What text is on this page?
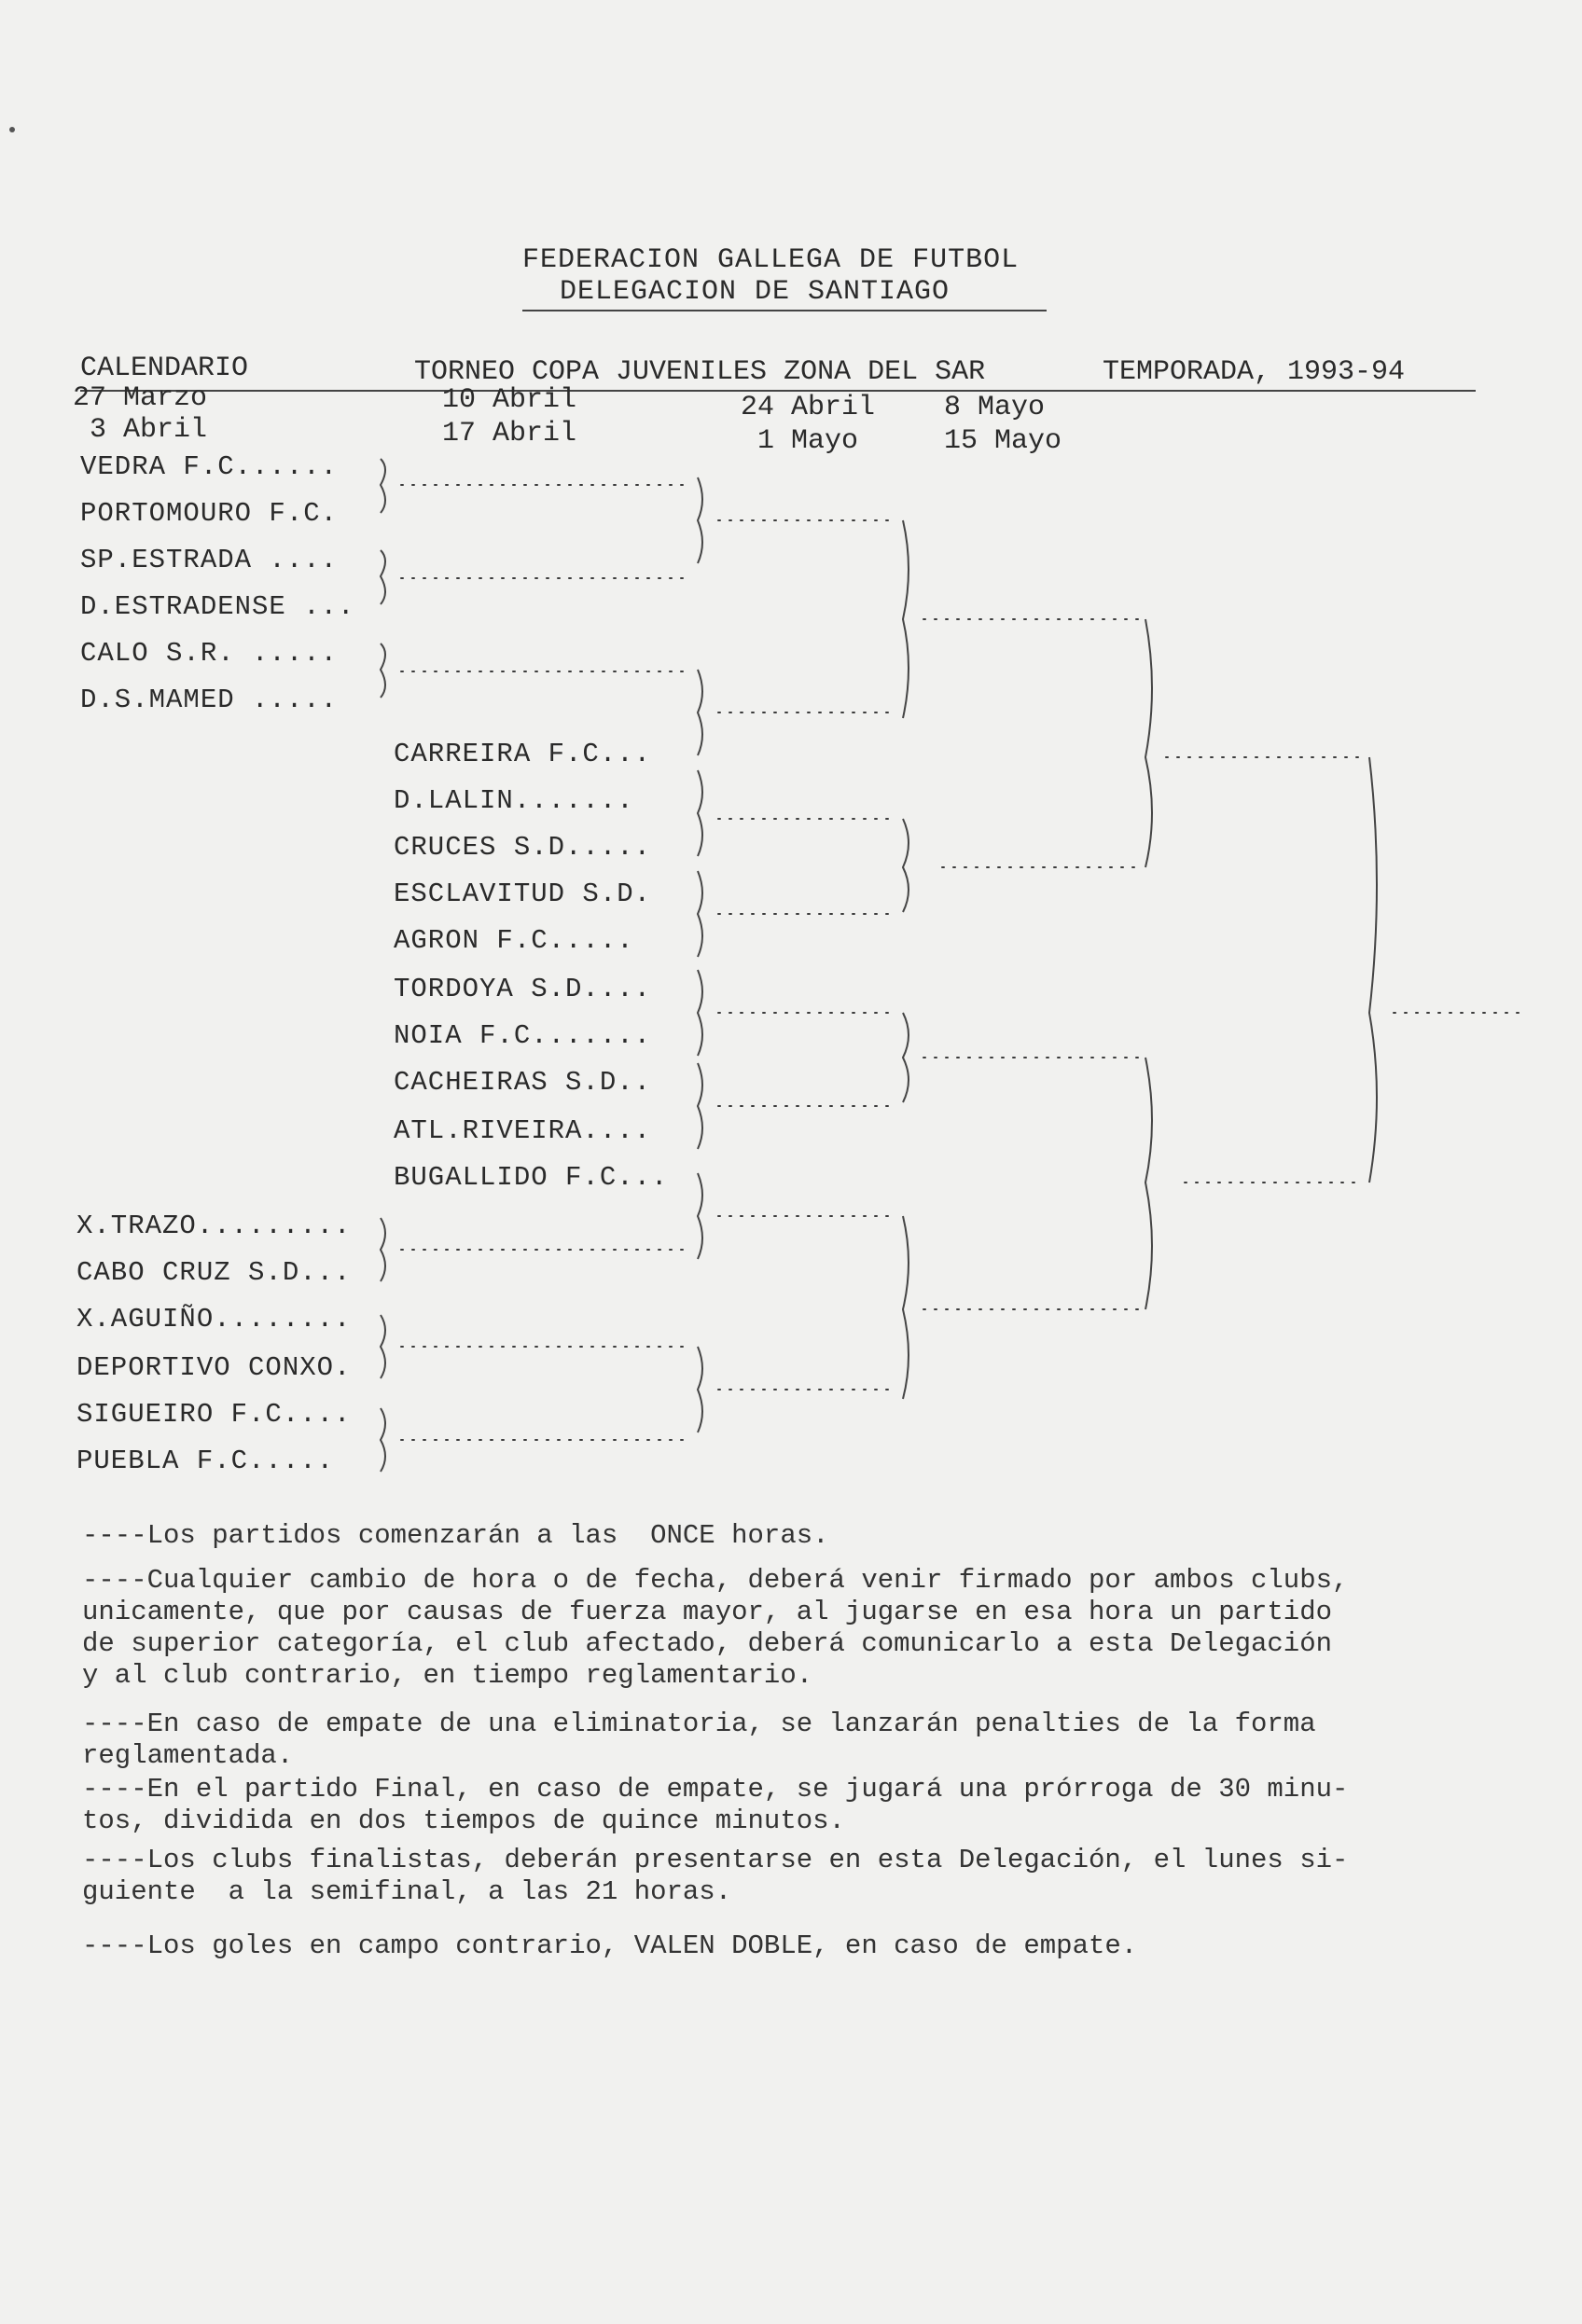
FEDERACION GALLEGA DE FUTBOL
DELEGACION DE SANTIAGO
CALENDARIO	TORNEO COPA JUVENILES ZONA DEL SAR	TEMPORADA, 1993-94
27 Marzo
3 Abril
10 Abril
17 Abril
24 Abril
1 Mayo
8 Mayo
15 Mayo
VEDRA F.C......
PORTOMOURO F.C.
SP.ESTRADA ....
D.ESTRADENSE ...
CALO S.R. .....
D.S.MAMED .....
CARREIRA F.C...
D.LALIN.......
CRUCES S.D.....
ESCLAVITUD S.D.
AGRON F.C.....
TORDOYA S.D....
NOIA F.C.......
CACHEIRAS S.D..
ATL.RIVEIRA....
BUGALLIDO F.C...
X.TRAZO.........
CABO CRUZ S.D...
X.AGUIÑO........
DEPORTIVO CONXO.
SIGUEIRO F.C....
PUEBLA F.C.....
----Los partidos comenzarán a las  ONCE horas.
----Cualquier cambio de hora o de fecha, deberá venir firmado por ambos clubs,
unicamente, que por causas de fuerza mayor, al jugarse en esa hora un partido
de superior categoría, el club afectado, deberá comunicarlo a esta Delegación
y al club contrario, en tiempo reglamentario.
----En caso de empate de una eliminatoria, se lanzarán penalties de la forma
reglamentada.
----En el partido Final, en caso de empate, se jugará una prórroga de 30 minu-
tos, dividida en dos tiempos de quince minutos.
----Los clubs finalistas, deberán presentarse en esta Delegación, el lunes si-
guiente  a la semifinal, a las 21 horas.
----Los goles en campo contrario, VALEN DOBLE, en caso de empate.
